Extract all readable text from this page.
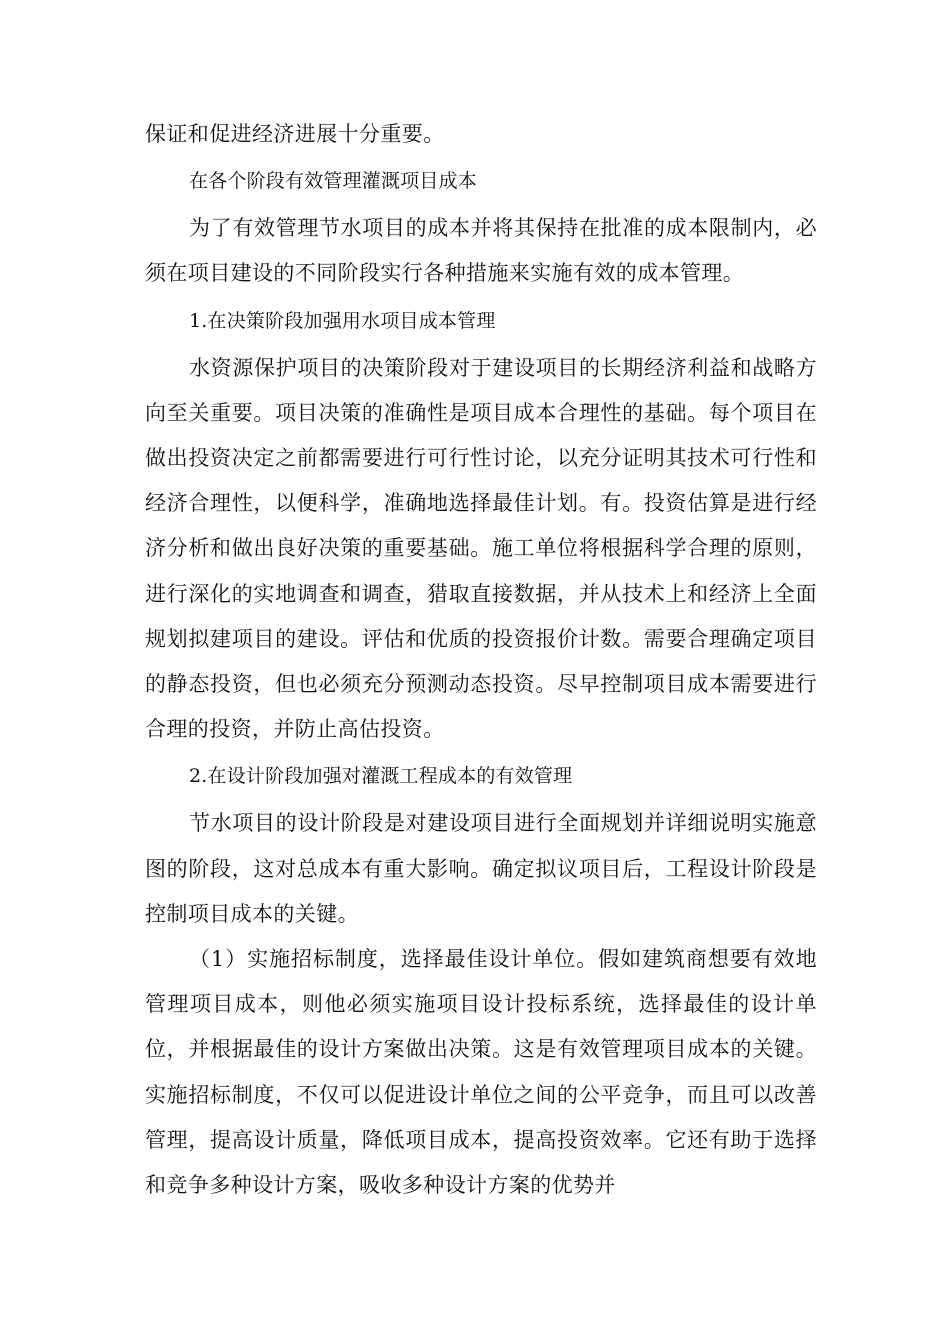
保证和促进经济进展十分重要。

在各个阶段有效管理灌溉项目成本

为了有效管理节水项目的成本并将其保持在批准的成本限制内，必须在项目建设的不同阶段实行各种措施来实施有效的成本管理。

1.在决策阶段加强用水项目成本管理

水资源保护项目的决策阶段对于建设项目的长期经济利益和战略方向至关重要。项目决策的准确性是项目成本合理性的基础。每个项目在做出投资决定之前都需要进行可行性讨论，以充分证明其技术可行性和经济合理性，以便科学，准确地选择最佳计划。有。投资估算是进行经济分析和做出良好决策的重要基础。施工单位将根据科学合理的原则，进行深化的实地调查和调查，猎取直接数据，并从技术上和经济上全面规划拟建项目的建设。评估和优质的投资报价计数。需要合理确定项目的静态投资，但也必须充分预测动态投资。尽早控制项目成本需要进行合理的投资，并防止高估投资。

2.在设计阶段加强对灌溉工程成本的有效管理

节水项目的设计阶段是对建设项目进行全面规划并详细说明实施意图的阶段，这对总成本有重大影响。确定拟议项目后，工程设计阶段是控制项目成本的关键。

（1）实施招标制度，选择最佳设计单位。假如建筑商想要有效地管理项目成本，则他必须实施项目设计投标系统，选择最佳的设计单位，并根据最佳的设计方案做出决策。这是有效管理项目成本的关键。实施招标制度，不仅可以促进设计单位之间的公平竞争，而且可以改善管理，提高设计质量，降低项目成本，提高投资效率。它还有助于选择和竞争多种设计方案，吸收多种设计方案的优势并
